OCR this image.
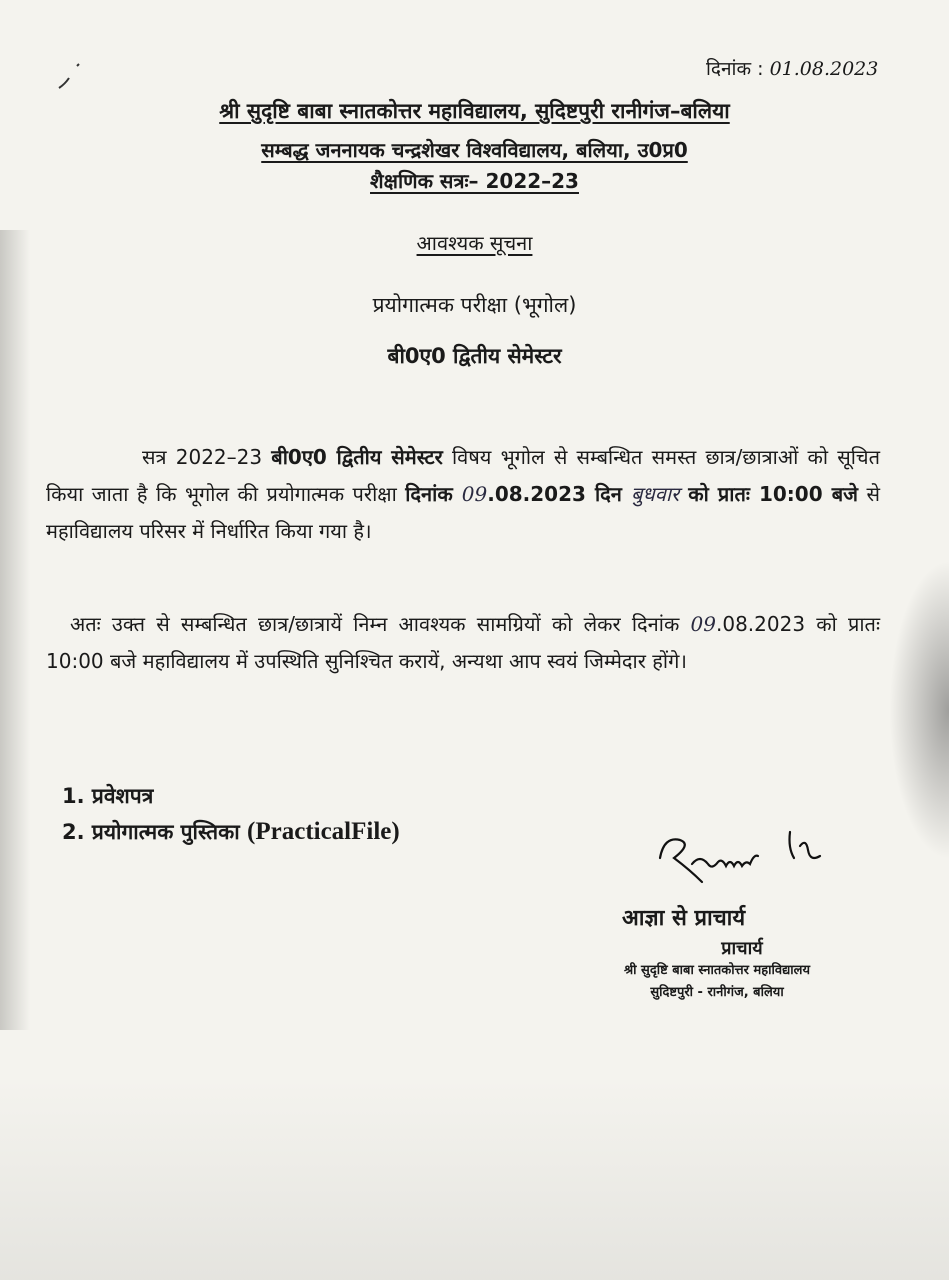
दिनांक : 01.08.2023
श्री सुदृष्टि बाबा स्नातकोत्तर महाविद्यालय, सुदिष्टपुरी रानीगंज–बलिया
सम्बद्ध जननायक चन्द्रशेखर विश्वविद्यालय, बलिया, उ0प्र0
शैक्षणिक सत्रः– 2022–23
आवश्यक सूचना
प्रयोगात्मक परीक्षा (भूगोल)
बी0ए0 द्वितीय सेमेस्टर
सत्र 2022–23 बी0ए0 द्वितीय सेमेस्टर विषय भूगोल से सम्बन्धित समस्त छात्र/छात्राओं को सूचित किया जाता है कि भूगोल की प्रयोगात्मक परीक्षा दिनांक 09.08.2023 दिन बुधवार को प्रातः 10:00 बजे से महाविद्यालय परिसर में निर्धारित किया गया है।
अतः उक्त से सम्बन्धित छात्र/छात्रायें निम्न आवश्यक सामग्रियों को लेकर दिनांक 09.08.2023 को प्रातः 10:00 बजे महाविद्यालय में उपस्थिति सुनिश्चित करायें, अन्यथा आप स्वयं जिम्मेदार होंगे।
1. प्रवेशपत्र
2. प्रयोगात्मक पुस्तिका (PracticalFile)
आज्ञा से प्राचार्य
प्राचार्य
श्री सुदृष्टि बाबा स्नातकोत्तर महाविद्यालय
सुदिष्टपुरी - रानीगंज, बलिया
